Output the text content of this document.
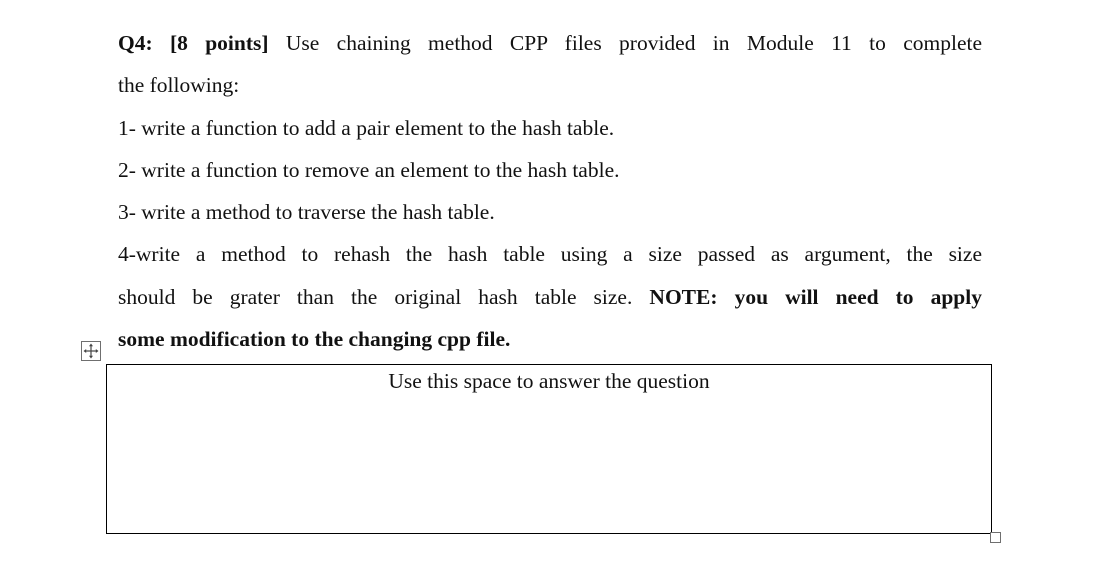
Q4: [8 points] Use chaining method CPP files provided in Module 11 to complete
the following:
1- write a function to add a pair element to the hash table.
2- write a function to remove an element to the hash table.
3- write a method to traverse the hash table.
4-write a method to rehash the hash table using a size passed as argument, the size
should be grater than the original hash table size. NOTE: you will need to apply
some modification to the changing cpp file.
Use this space to answer the question
